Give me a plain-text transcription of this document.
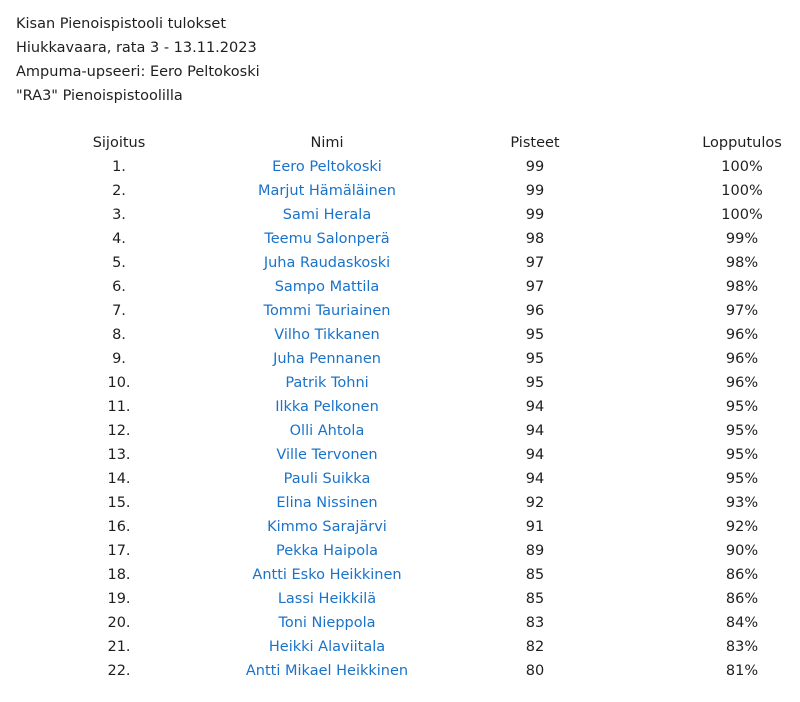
Kisan Pienoispistooli tulokset
Hiukkavaara, rata 3 - 13.11.2023
Ampuma-upseeri: Eero Peltokoski
"RA3" Pienoispistoolilla
Sijoitus	Nimi	Pisteet	Lopputulos
1.	Eero Peltokoski	99	100%
2.	Marjut Hämäläinen	99	100%
3.	Sami Herala	99	100%
4.	Teemu Salonperä	98	99%
5.	Juha Raudaskoski	97	98%
6.	Sampo Mattila	97	98%
7.	Tommi Tauriainen	96	97%
8.	Vilho Tikkanen	95	96%
9.	Juha Pennanen	95	96%
10.	Patrik Tohni	95	96%
11.	Ilkka Pelkonen	94	95%
12.	Olli Ahtola	94	95%
13.	Ville Tervonen	94	95%
14.	Pauli Suikka	94	95%
15.	Elina Nissinen	92	93%
16.	Kimmo Sarajärvi	91	92%
17.	Pekka Haipola	89	90%
18.	Antti Esko Heikkinen	85	86%
19.	Lassi Heikkilä	85	86%
20.	Toni Nieppola	83	84%
21.	Heikki Alaviitala	82	83%
22.	Antti Mikael Heikkinen	80	81%
